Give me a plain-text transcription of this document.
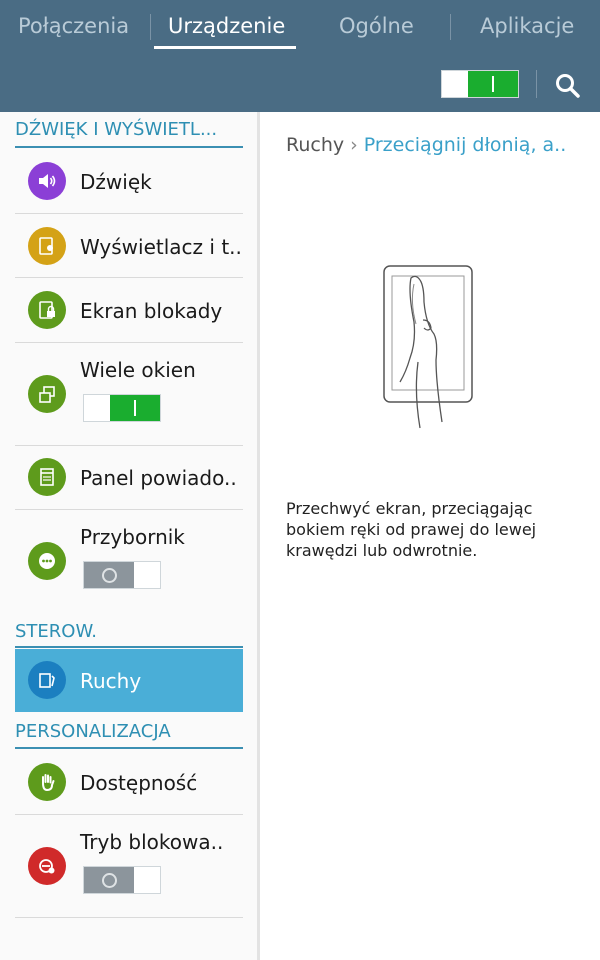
Połączenia Urządzenie	Ogólne	Aplikacje
DŹWIĘK I WYŚWIETL...
Dźwięk
Wyświetlacz i t..
Ekran blokady
Wiele okien
Panel powiado..
Przybornik
STEROW.
Ruchy
PERSONALIZACJA
Dostępność
Tryb blokowa..
Ruchy › Przeciągnij dłonią, a..
Przechwyć ekran, przeciągając bokiem ręki od prawej do lewej krawędzi lub odwrotnie.
